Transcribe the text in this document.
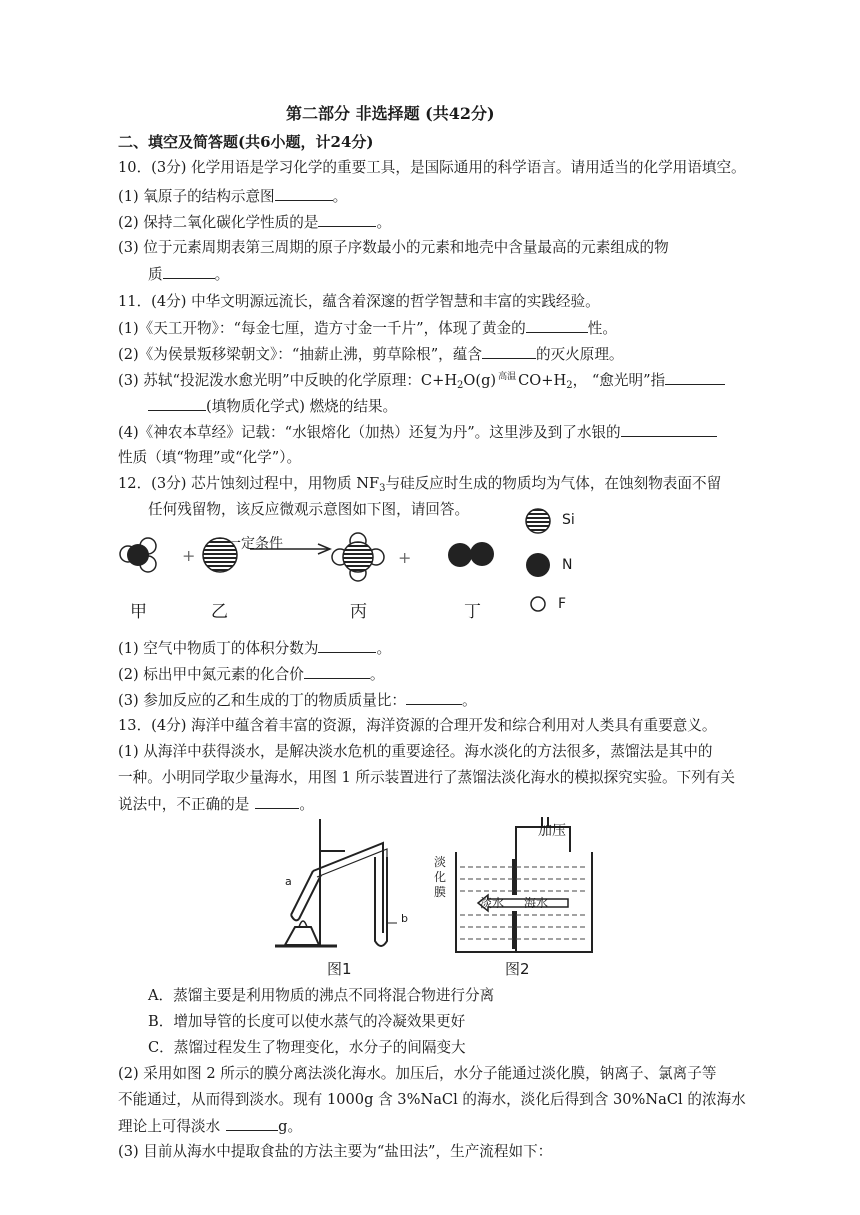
第二部分 非选择题 (共42分)
二、填空及简答题(共6小题，计24分)
10．(3分) 化学用语是学习化学的重要工具，是国际通用的科学语言。请用适当的化学用语填空。
(1) 氧原子的结构示意图	。
(2) 保持二氧化碳化学性质的是	。
(3) 位于元素周期表第三周期的原子序数最小的元素和地壳中含量最高的元素组成的物
质	。
11．(4分) 中华文明源远流长，蕴含着深邃的哲学智慧和丰富的实践经验。
(1)《天工开物》：“每金七厘，造方寸金一千片”，体现了黄金的	性。
(2)《为侯景叛移梁朝文》：“抽薪止沸，剪草除根”，蕴含	的灭火原理。
(3) 苏轼“投泥泼水愈光明”中反映的化学原理：$C+H_2O(g)$ 高温 $CO+H_2$， “愈光明”指
(填物质化学式) 燃烧的结果。
(4)《神农本草经》记载：“水银熔化（加热）还复为丹”。这里涉及到了水银的
性质（填“物理”或“化学”）。
12．(3分) 芯片蚀刻过程中，用物质 $NF_3$与硅反应时生成的物质均为气体，在蚀刻物表面不留
任何残留物，该反应微观示意图如下图，请回答。
+	+
一定条件
Si
N
F
甲	乙	丙	丁
(1) 空气中物质丁的体积分数为	。
(2) 标出甲中氮元素的化合价	。
(3) 参加反应的乙和生成的丁的物质质量比：	。
13．(4分) 海洋中蕴含着丰富的资源，海洋资源的合理开发和综合利用对人类具有重要意义。
(1) 从海洋中获得淡水，是解决淡水危机的重要途径。海水淡化的方法很多，蒸馏法是其中的
一种。小明同学取少量海水，用图 1 所示装置进行了蒸馏法淡化海水的模拟探究实验。下列有关
说法中，不正确的是	。
a
b
图1
加压
淡化膜
淡水 海水
图2
A．蒸馏主要是利用物质的沸点不同将混合物进行分离
B．增加导管的长度可以使水蒸气的冷凝效果更好
C．蒸馏过程发生了物理变化，水分子的间隔变大
(2) 采用如图 2 所示的膜分离法淡化海水。加压后，水分子能通过淡化膜，钠离子、氯离子等
不能通过，从而得到淡水。现有 1000g 含 3%NaCl 的海水，淡化后得到含 30%NaCl 的浓海水
理论上可得淡水	g。
(3) 目前从海水中提取食盐的方法主要为“盐田法”，生产流程如下：
